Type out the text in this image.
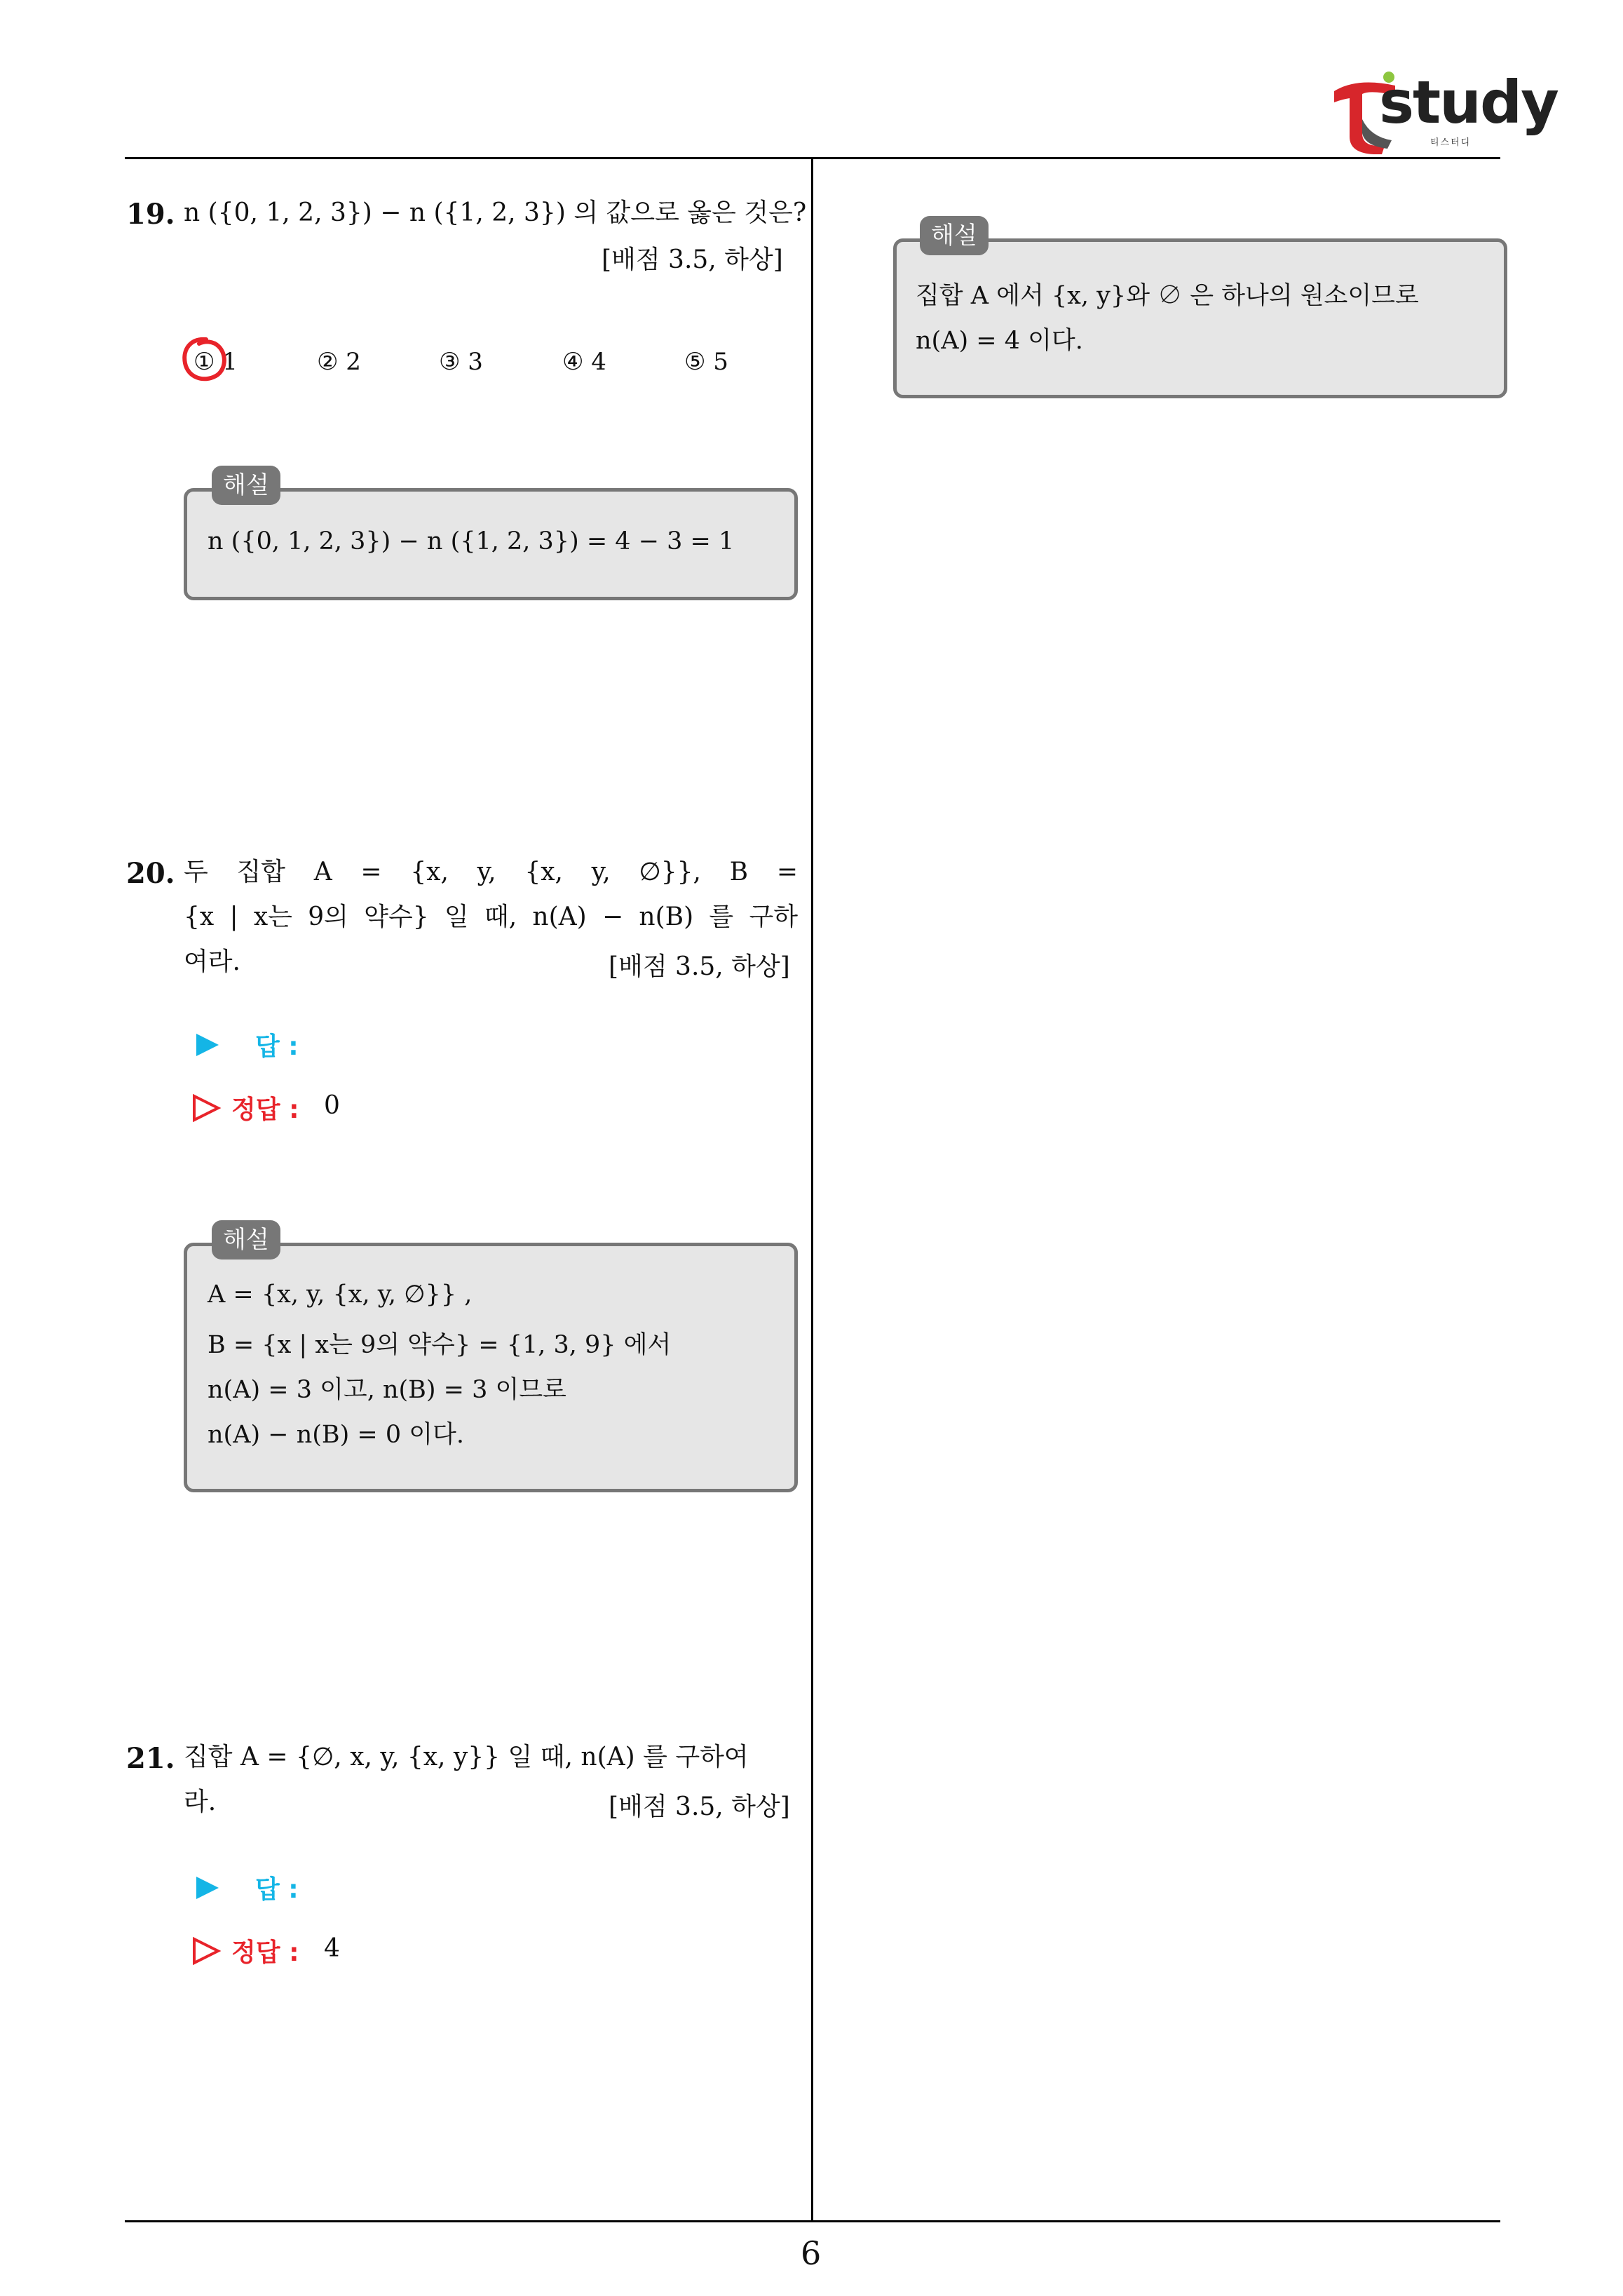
study
티스터디
19. n ({0, 1, 2, 3}) − n ({1, 2, 3}) 의 값으로 옳은 것은?
[배점 3.5, 하상]
① 1	② 2	③ 3	④ 4	⑤ 5
해설
n ({0, 1, 2, 3}) − n ({1, 2, 3}) = 4 − 3 = 1
20. 두 집합 A = {x, y, {x, y, ∅}}, B =
{x | x는 9의 약수} 일 때, n(A) − n(B) 를 구하
여라.	[배점 3.5, 하상]
답 :
정답 : 0
해설
A = {x, y, {x, y, ∅}} ,
B = {x | x는 9의 약수} = {1, 3, 9} 에서
n(A) = 3 이고, n(B) = 3 이므로
n(A) − n(B) = 0 이다.
21. 집합 A = {∅, x, y, {x, y}} 일 때, n(A) 를 구하여
라.	[배점 3.5, 하상]
답 :
정답 : 4
해설
집합 A 에서 {x, y}와 ∅ 은 하나의 원소이므로
n(A) = 4 이다.
6
